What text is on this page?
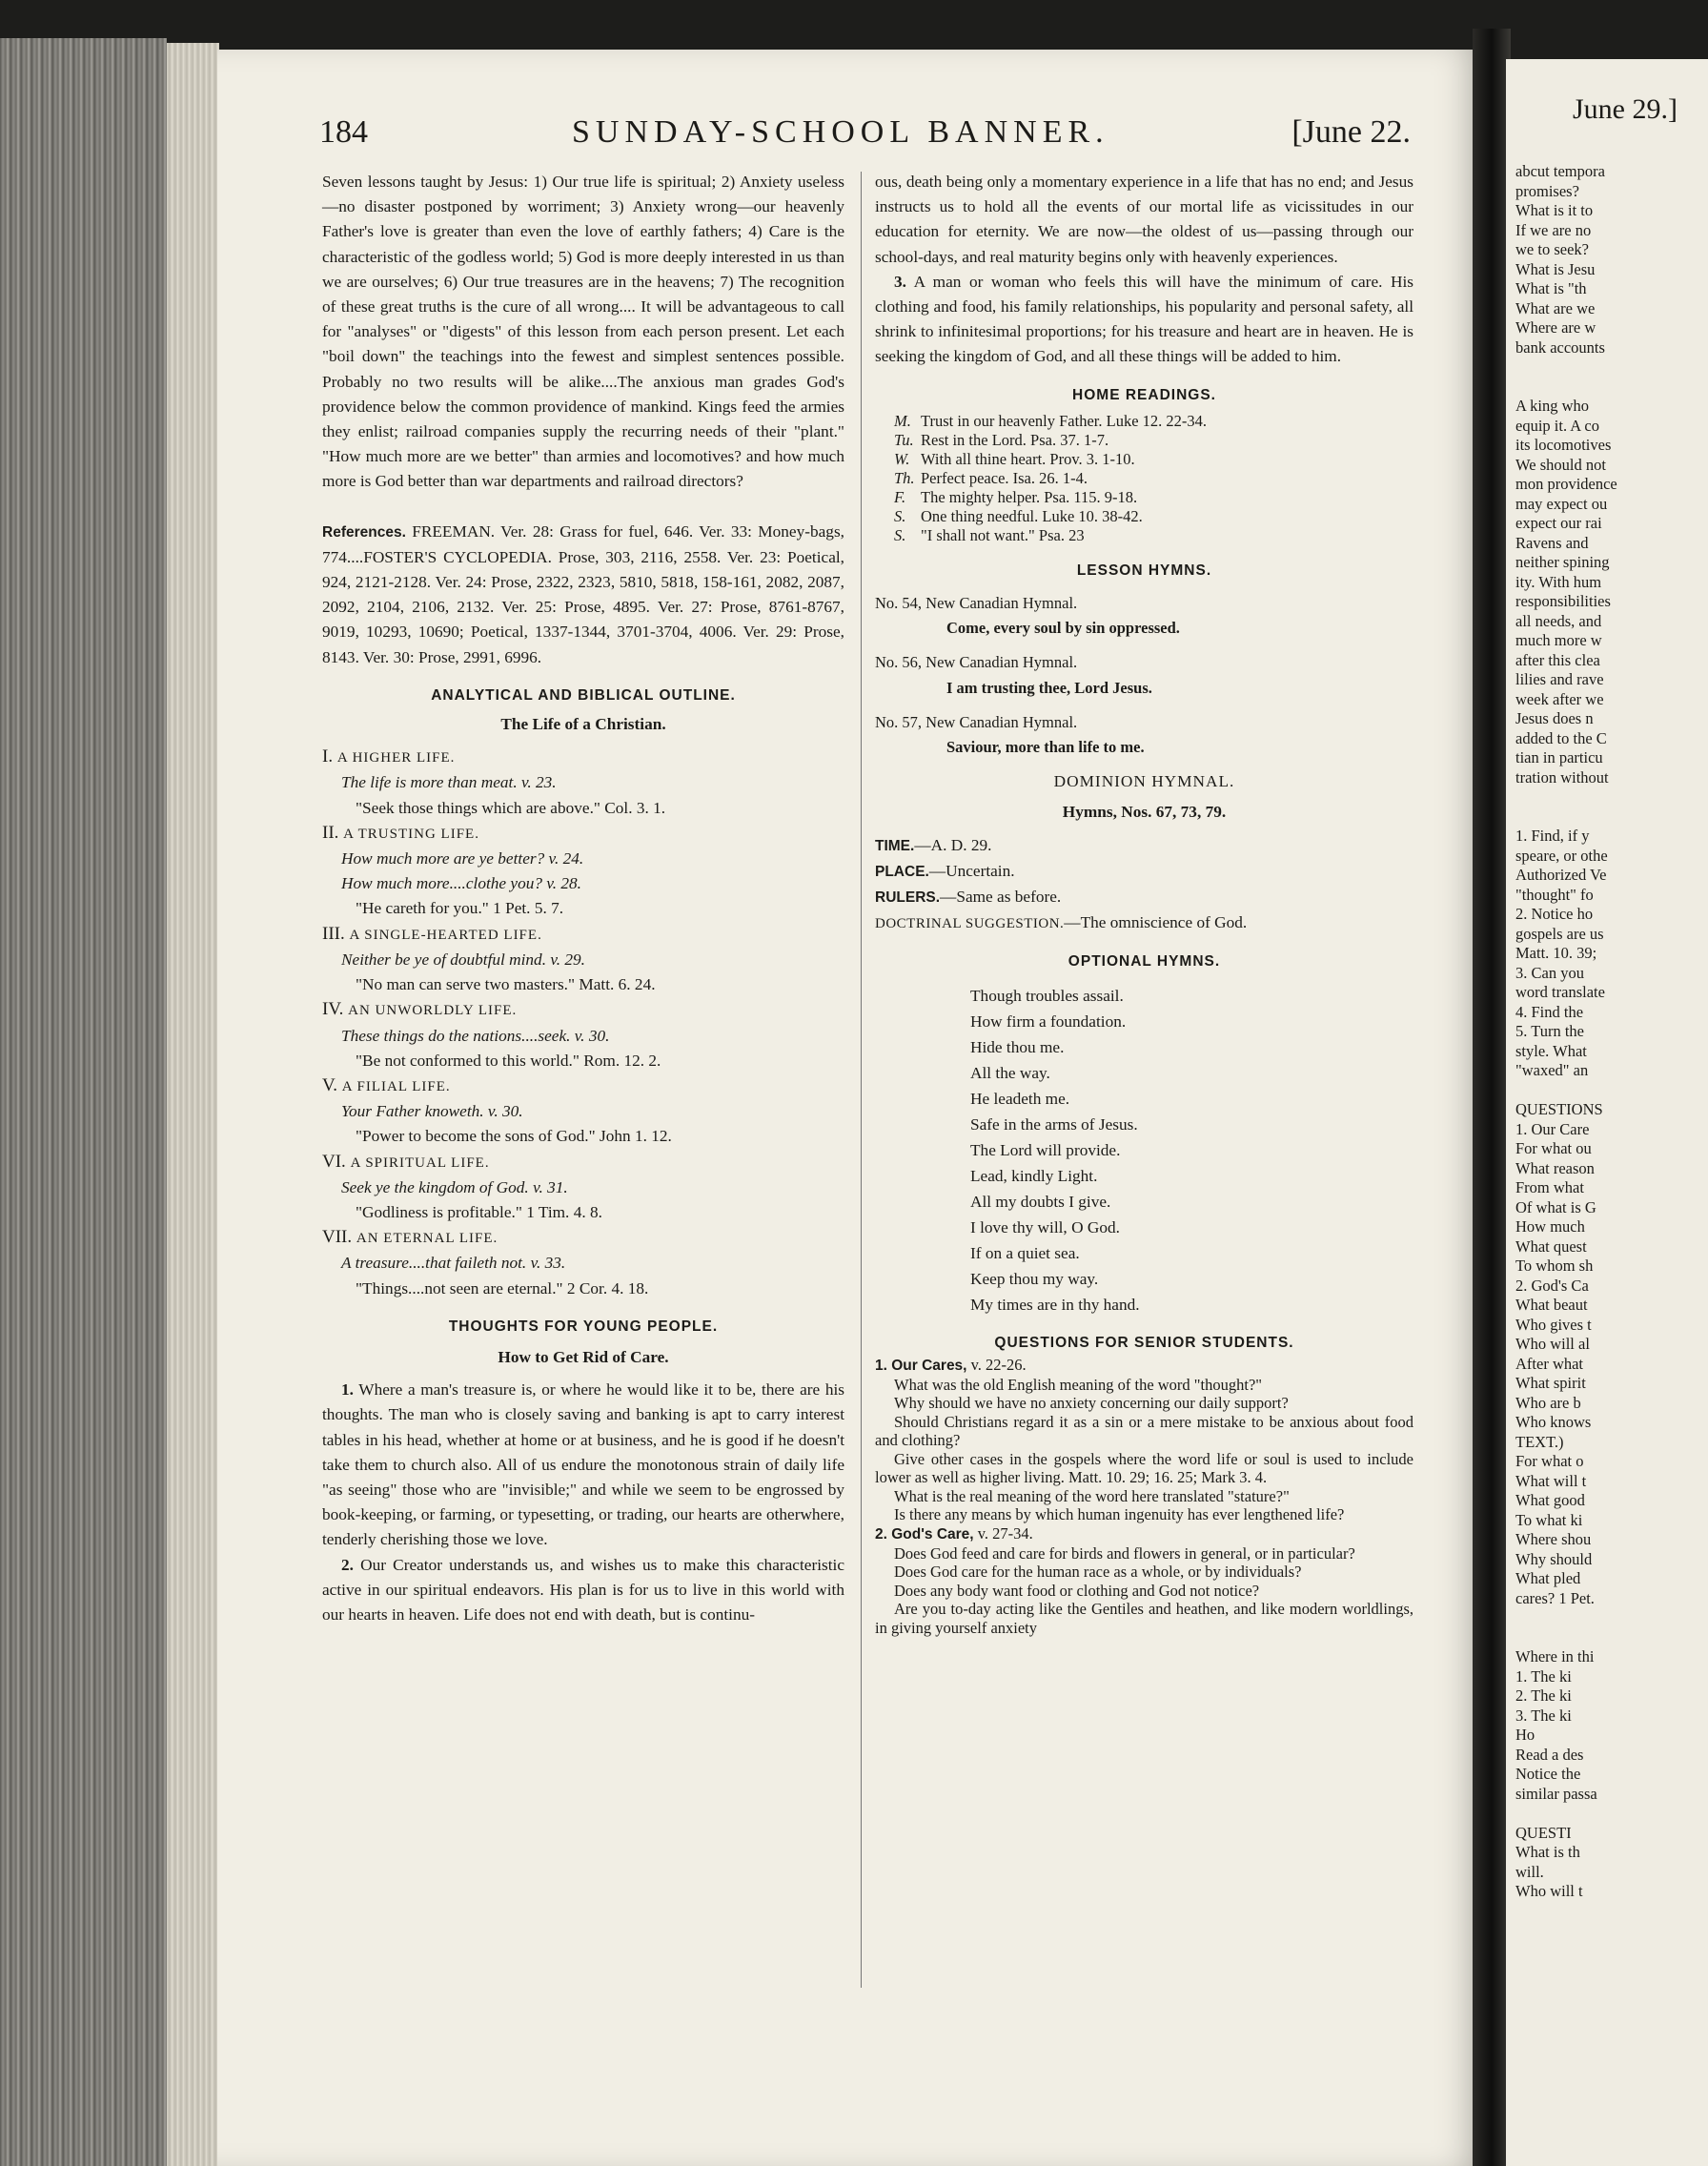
abcut tempora
promises?
What is it to
If we are no
we to seek?
What is Jesu
What is "th
What are we
Where are w
bank accounts

A king who
equip it. A co
its locomotives
We should not
mon providence
may expect ou
expect our rai
Ravens and
neither spining
ity. With hum
responsibilities
all needs, and
much more w
after this clea
lilies and rave
week after we
Jesus does n
added to the C
tian in particu
tration without

1. Find, if y
speare, or othe
Authorized Ve
"thought" fo
2. Notice ho
gospels are us
Matt. 10. 39;
3. Can you
word translate
4. Find the
5. Turn the
style. What
"waxed" an

QUESTIONS
1. Our Care
For what ou
What reason
From what
Of what is G
How much
What quest
To whom sh
2. God's Ca
What beaut
Who gives t
Who will al
After what
What spirit
Who are b
Who knows
TEXT.)
For what o
What will t
What good
To what ki
Where shou
Why should
What pled
cares? 1 Pet.

Where in thi
1. The ki
2. The ki
3. The ki
Ho
Read a des
Notice the
similar passa

QUESTI
What is th
will.
Who will t
June 29.]
184	SUNDAY-SCHOOL BANNER.	[June 22.

Seven lessons taught by Jesus: 1) Our true life is spiritual; 2) Anxiety useless—no disaster postponed by worriment; 3) Anxiety wrong—our heavenly Father's love is greater than even the love of earthly fathers; 4) Care is the characteristic of the godless world; 5) God is more deeply interested in us than we are ourselves; 6) Our true treasures are in the heavens; 7) The recognition of these great truths is the cure of all wrong.... It will be advantageous to call for "analyses" or "digests" of this lesson from each person present. Let each "boil down" the teachings into the fewest and simplest sentences possible. Probably no two results will be alike....The anxious man grades God's providence below the common providence of mankind. Kings feed the armies they enlist; railroad companies supply the recurring needs of their "plant." "How much more are we better" than armies and locomotives? and how much more is God better than war departments and railroad directors?

References. FREEMAN. Ver. 28: Grass for fuel, 646. Ver. 33: Money-bags, 774....FOSTER'S CYCLOPEDIA. Prose, 303, 2116, 2558. Ver. 23: Poetical, 924, 2121-2128. Ver. 24: Prose, 2322, 2323, 5810, 5818, 158-161, 2082, 2087, 2092, 2104, 2106, 2132. Ver. 25: Prose, 4895. Ver. 27: Prose, 8761-8767, 9019, 10293, 10690; Poetical, 1337-1344, 3701-3704, 4006. Ver. 29: Prose, 8143. Ver. 30: Prose, 2991, 6996.

ANALYTICAL AND BIBLICAL OUTLINE.
The Life of a Christian.
I. A HIGHER LIFE.
The life is more than meat. v. 23.
"Seek those things which are above." Col. 3. 1.
II. A TRUSTING LIFE.
How much more are ye better? v. 24.
How much more....clothe you? v. 28.
"He careth for you." 1 Pet. 5. 7.
III. A SINGLE-HEARTED LIFE.
Neither be ye of doubtful mind. v. 29.
"No man can serve two masters." Matt. 6. 24.
IV. AN UNWORLDLY LIFE.
These things do the nations....seek. v. 30.
"Be not conformed to this world." Rom. 12. 2.
V. A FILIAL LIFE.
Your Father knoweth. v. 30.
"Power to become the sons of God." John 1. 12.
VI. A SPIRITUAL LIFE.
Seek ye the kingdom of God. v. 31.
"Godliness is profitable." 1 Tim. 4. 8.
VII. AN ETERNAL LIFE.
A treasure....that faileth not. v. 33.
"Things....not seen are eternal." 2 Cor. 4. 18.
THOUGHTS FOR YOUNG PEOPLE.
How to Get Rid of Care.

1. Where a man's treasure is, or where he would like it to be, there are his thoughts. The man who is closely saving and banking is apt to carry interest tables in his head, whether at home or at business, and he is good if he doesn't take them to church also. All of us endure the monotonous strain of daily life "as seeing" those who are "invisible;" and while we seem to be engrossed by book-keeping, or farming, or typesetting, or trading, our hearts are otherwhere, tenderly cherishing those we love.

2. Our Creator understands us, and wishes us to make this characteristic active in our spiritual endeavors. His plan is for us to live in this world with our hearts in heaven. Life does not end with death, but is continu-

ous, death being only a momentary experience in a life that has no end; and Jesus instructs us to hold all the events of our mortal life as vicissitudes in our education for eternity. We are now—the oldest of us—passing through our school-days, and real maturity begins only with heavenly experiences.

3. A man or woman who feels this will have the minimum of care. His clothing and food, his family relationships, his popularity and personal safety, all shrink to infinitesimal proportions; for his treasure and heart are in heaven. He is seeking the kingdom of God, and all these things will be added to him.

HOME READINGS.
M. Trust in our heavenly Father. Luke 12. 22-34.
Tu. Rest in the Lord. Psa. 37. 1-7.
W. With all thine heart. Prov. 3. 1-10.
Th. Perfect peace. Isa. 26. 1-4.
F. The mighty helper. Psa. 115. 9-18.
S. One thing needful. Luke 10. 38-42.
S. "I shall not want." Psa. 23
LESSON HYMNS.
No. 54, New Canadian Hymnal.
Come, every soul by sin oppressed.
No. 56, New Canadian Hymnal.
I am trusting thee, Lord Jesus.
No. 57, New Canadian Hymnal.
Saviour, more than life to me.
DOMINION HYMNAL.
Hymns, Nos. 67, 73, 79.
TIME.—A. D. 29.
PLACE.—Uncertain.
RULERS.—Same as before.
DOCTRINAL SUGGESTION.—The omniscience of God.
OPTIONAL HYMNS.
Though troubles assail.
How firm a foundation.
Hide thou me.
All the way.
He leadeth me.
Safe in the arms of Jesus.
The Lord will provide.
Lead, kindly Light.
All my doubts I give.
I love thy will, O God.
If on a quiet sea.
Keep thou my way.
My times are in thy hand.
QUESTIONS FOR SENIOR STUDENTS.
1. Our Cares, v. 22-26.

What was the old English meaning of the word "thought?"

Why should we have no anxiety concerning our daily support?

Should Christians regard it as a sin or a mere mistake to be anxious about food and clothing?

Give other cases in the gospels where the word life or soul is used to include lower as well as higher living. Matt. 10. 29; 16. 25; Mark 3. 4.

What is the real meaning of the word here translated "stature?"

Is there any means by which human ingenuity has ever lengthened life?

2. God's Care, v. 27-34.

Does God feed and care for birds and flowers in general, or in particular?

Does God care for the human race as a whole, or by individuals?

Does any body want food or clothing and God not notice?

Are you to-day acting like the Gentiles and heathen, and like modern worldlings, in giving yourself anxiety
